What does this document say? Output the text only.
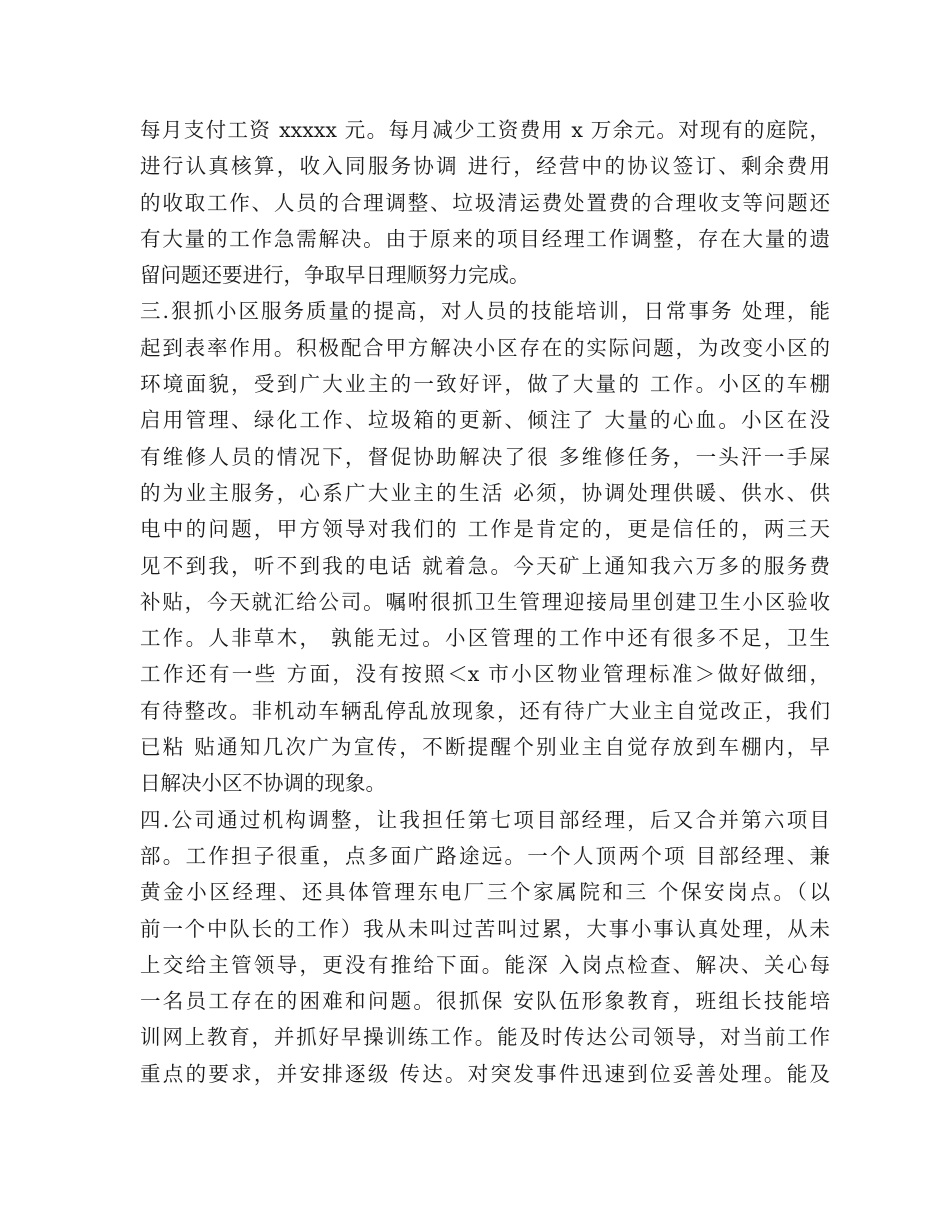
每月支付工资 xxxxx 元。每月减少工资费用 x 万余元。对现有的庭院，
进行认真核算，收入同服务协调 进行，经营中的协议签订、剩余费用
的收取工作、人员的合理调整、垃圾清运费处置费的合理收支等问题还
有大量的工作急需解决。由于原来的项目经理工作调整，存在大量的遗
留问题还要进行，争取早日理顺努力完成。
三.狠抓小区服务质量的提高，对人员的技能培训，日常事务 处理，能
起到表率作用。积极配合甲方解决小区存在的实际问题，为改变小区的
环境面貌，受到广大业主的一致好评，做了大量的 工作。小区的车棚
启用管理、绿化工作、垃圾箱的更新、倾注了 大量的心血。小区在没
有维修人员的情况下，督促协助解决了很 多维修任务，一头汗一手屎
的为业主服务，心系广大业主的生活 必须，协调处理供暖、供水、供
电中的问题，甲方领导对我们的 工作是肯定的，更是信任的，两三天
见不到我，听不到我的电话 就着急。今天矿上通知我六万多的服务费
补贴，今天就汇给公司。嘱咐很抓卫生管理迎接局里创建卫生小区验收
工作。人非草木， 孰能无过。小区管理的工作中还有很多不足，卫生
工作还有一些 方面，没有按照＜x 市小区物业管理标准＞做好做细，
有待整改。非机动车辆乱停乱放现象，还有待广大业主自觉改正，我们
已粘 贴通知几次广为宣传，不断提醒个别业主自觉存放到车棚内，早
日解决小区不协调的现象。
四.公司通过机构调整，让我担任第七项目部经理，后又合并第六项目
部。工作担子很重，点多面广路途远。一个人顶两个项 目部经理、兼
黄金小区经理、还具体管理东电厂三个家属院和三 个保安岗点。（以
前一个中队长的工作）我从未叫过苦叫过累，大事小事认真处理，从未
上交给主管领导，更没有推给下面。能深 入岗点检查、解决、关心每
一名员工存在的困难和问题。很抓保 安队伍形象教育，班组长技能培
训网上教育，并抓好早操训练工作。能及时传达公司领导，对当前工作
重点的要求，并安排逐级 传达。对突发事件迅速到位妥善处理。能及
